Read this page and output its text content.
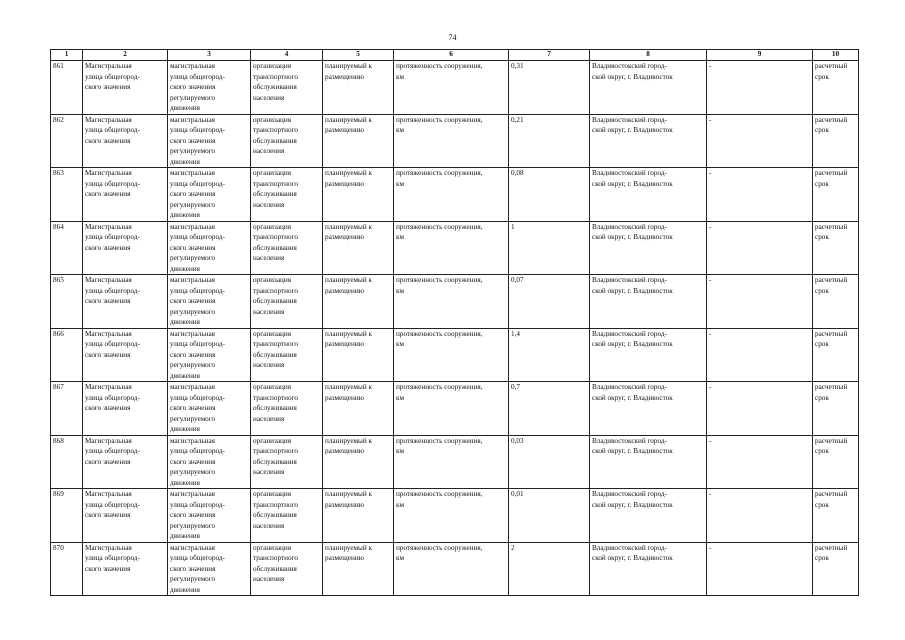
74
1	2	3	4	5	6	7	8	9	10

861	Магистральная
улица общегород-
ского значения	магистральная
улица общегород-
ского значения
регулируемого
движения	организация
транспортного
обслуживания
населения	планируемый к
размещению	протяженность сооружения,
км	0,31	Владивостокский город-
ской округ, г. Владивосток	-	расчетный
срок

862	Магистральная
улица общегород-
ского значения	магистральная
улица общегород-
ского значения
регулируемого
движения	организация
транспортного
обслуживания
населения	планируемый к
размещению	протяженность сооружения,
км	0,21	Владивостокский город-
ской округ, г. Владивосток	-	расчетный
срок

863	Магистральная
улица общегород-
ского значения	магистральная
улица общегород-
ского значения
регулируемого
движения	организация
транспортного
обслуживания
населения	планируемый к
размещению	протяженность сооружения,
км	0,08	Владивостокский город-
ской округ, г. Владивосток	-	расчетный
срок

864	Магистральная
улица общегород-
ского значения	магистральная
улица общегород-
ского значения
регулируемого
движения	организация
транспортного
обслуживания
населения	планируемый к
размещению	протяженность сооружения,
км	1	Владивостокский город-
ской округ, г. Владивосток	-	расчетный
срок

865	Магистральная
улица общегород-
ского значения	магистральная
улица общегород-
ского значения
регулируемого
движения	организация
транспортного
обслуживания
населения	планируемый к
размещению	протяженность сооружения,
км	0,07	Владивостокский город-
ской округ, г. Владивосток	-	расчетный
срок

866	Магистральная
улица общегород-
ского значения	магистральная
улица общегород-
ского значения
регулируемого
движения	организация
транспортного
обслуживания
населения	планируемый к
размещению	протяженность сооружения,
км	1,4	Владивостокский город-
ской округ, г. Владивосток	-	расчетный
срок

867	Магистральная
улица общегород-
ского значения	магистральная
улица общегород-
ского значения
регулируемого
движения	организация
транспортного
обслуживания
населения	планируемый к
размещению	протяженность сооружения,
км	0,7	Владивостокский город-
ской округ, г. Владивосток	-	расчетный
срок

868	Магистральная
улица общегород-
ского значения	магистральная
улица общегород-
ского значения
регулируемого
движения	организация
транспортного
обслуживания
населения	планируемый к
размещению	протяженность сооружения,
км	0,03	Владивостокский город-
ской округ, г. Владивосток	-	расчетный
срок

869	Магистральная
улица общегород-
ского значения	магистральная
улица общегород-
ского значения
регулируемого
движения	организация
транспортного
обслуживания
населения	планируемый к
размещению	протяженность сооружения,
км	0,01	Владивостокский город-
ской округ, г. Владивосток	-	расчетный
срок

870	Магистральная
улица общегород-
ского значения	магистральная
улица общегород-
ского значения
регулируемого
движения	организация
транспортного
обслуживания
населения	планируемый к
размещению	протяженность сооружения,
км	2	Владивостокский город-
ской округ, г. Владивосток	-	расчетный
срок
